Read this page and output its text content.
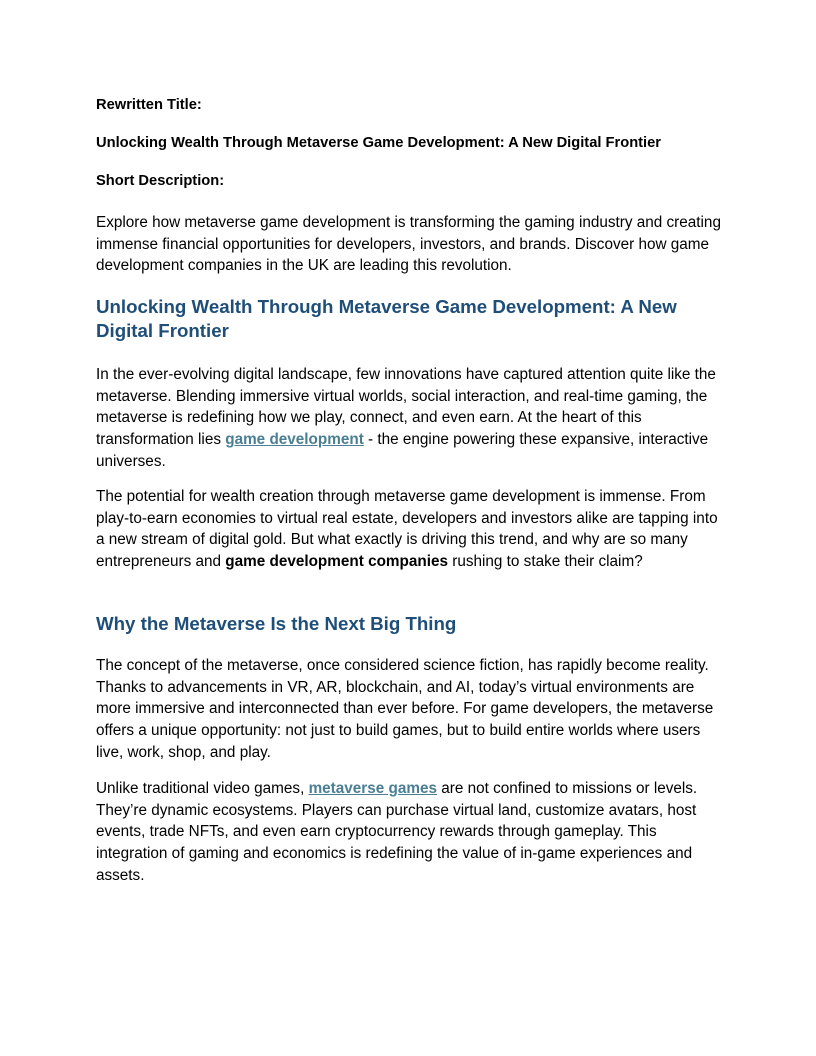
Rewritten Title:

Unlocking Wealth Through Metaverse Game Development: A New Digital Frontier

Short Description:

Explore how metaverse game development is transforming the gaming industry and creating immense financial opportunities for developers, investors, and brands. Discover how game development companies in the UK are leading this revolution.

Unlocking Wealth Through Metaverse Game Development: A New Digital Frontier

In the ever-evolving digital landscape, few innovations have captured attention quite like the metaverse. Blending immersive virtual worlds, social interaction, and real-time gaming, the metaverse is redefining how we play, connect, and even earn. At the heart of this transformation lies game development - the engine powering these expansive, interactive universes.

The potential for wealth creation through metaverse game development is immense. From play-to-earn economies to virtual real estate, developers and investors alike are tapping into a new stream of digital gold. But what exactly is driving this trend, and why are so many entrepreneurs and game development companies rushing to stake their claim?

Why the Metaverse Is the Next Big Thing

The concept of the metaverse, once considered science fiction, has rapidly become reality. Thanks to advancements in VR, AR, blockchain, and AI, today’s virtual environments are more immersive and interconnected than ever before. For game developers, the metaverse offers a unique opportunity: not just to build games, but to build entire worlds where users live, work, shop, and play.

Unlike traditional video games, metaverse games are not confined to missions or levels. They’re dynamic ecosystems. Players can purchase virtual land, customize avatars, host events, trade NFTs, and even earn cryptocurrency rewards through gameplay. This integration of gaming and economics is redefining the value of in-game experiences and assets.
